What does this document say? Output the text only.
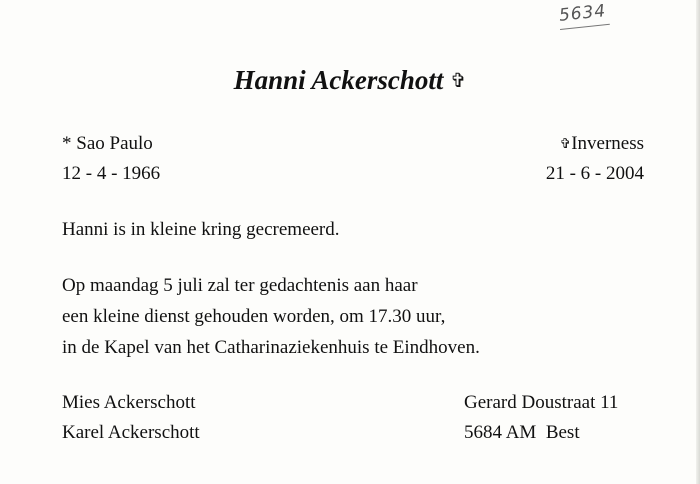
5634
Hanni Ackerschott ✞
* Sao Paulo
12 - 4 - 1966
✞Inverness
21 - 6 - 2004
Hanni is in kleine kring gecremeerd.
Op maandag 5 juli zal ter gedachtenis aan haar
een kleine dienst gehouden worden, om 17.30 uur,
in de Kapel van het Catharinaziekenhuis te Eindhoven.
Mies Ackerschott
Karel Ackerschott
Gerard Doustraat 11
5684 AM  Best
